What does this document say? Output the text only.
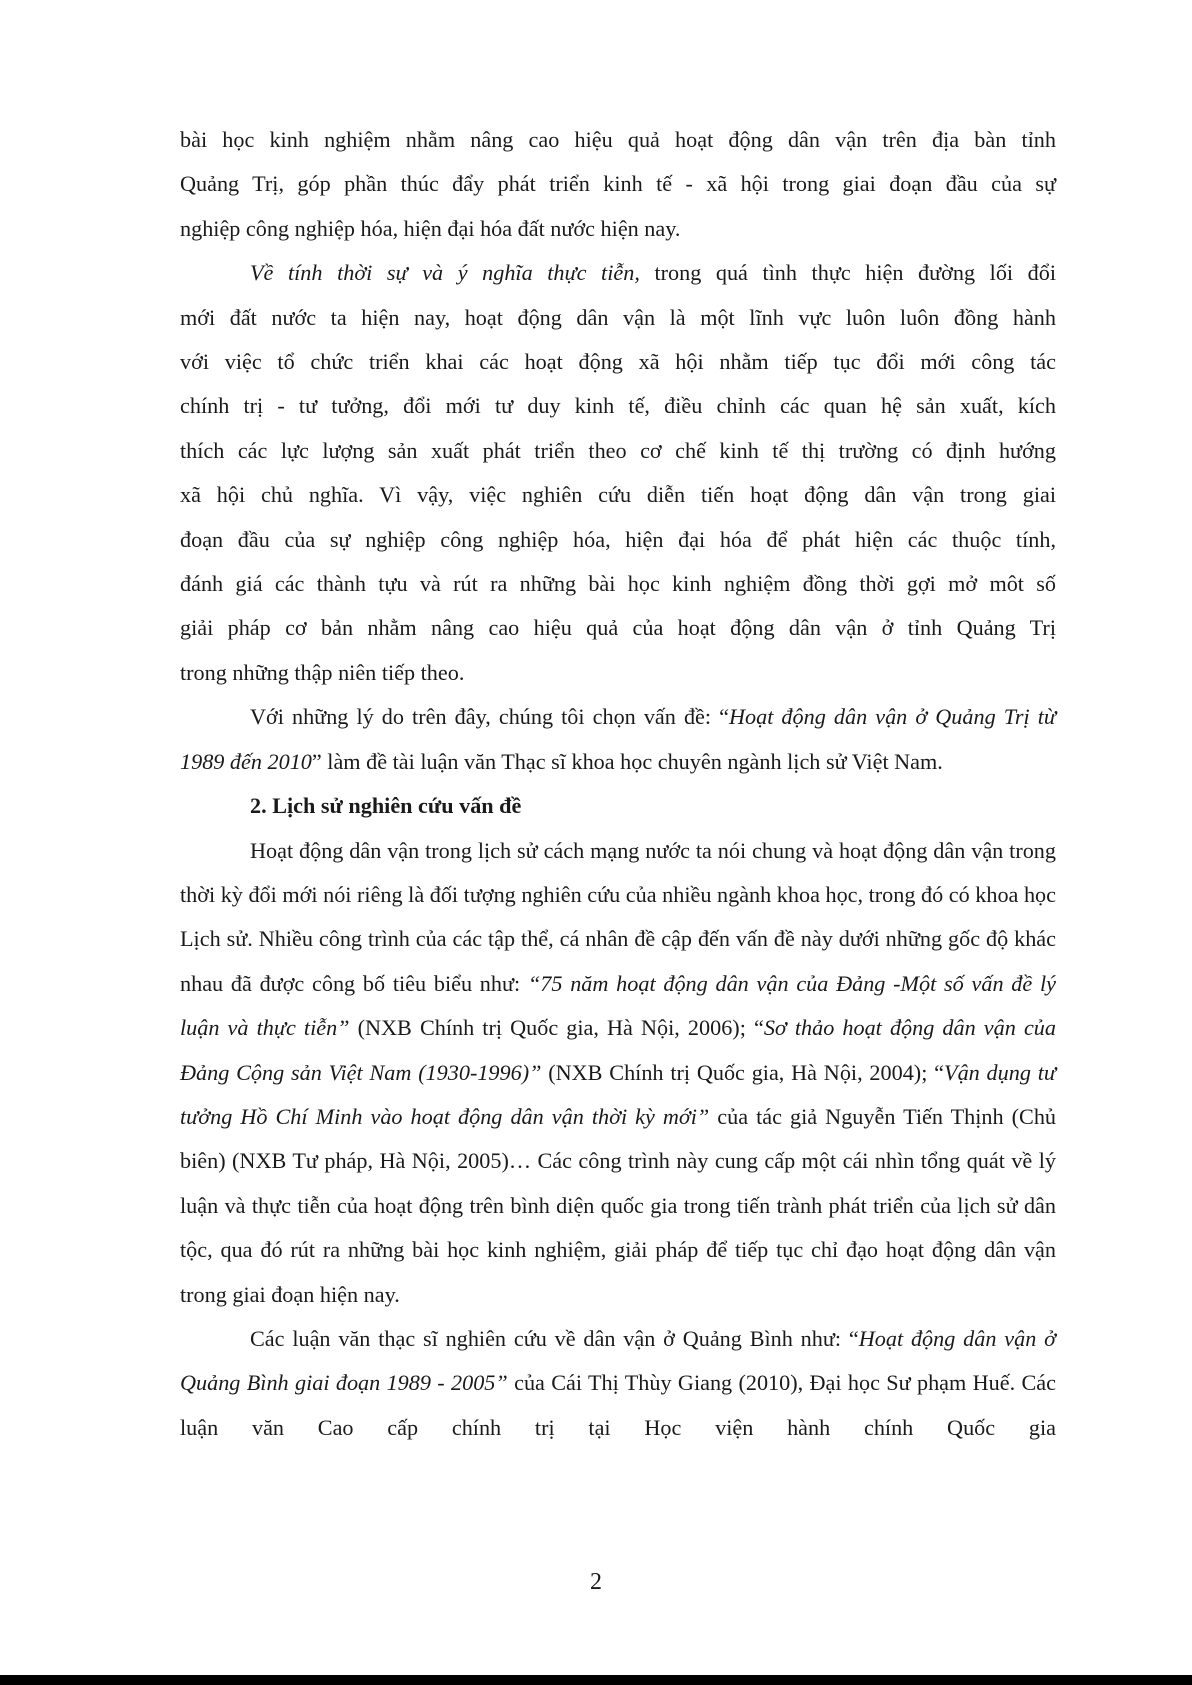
bài học kinh nghiệm nhằm nâng cao hiệu quả hoạt động dân vận trên địa bàn tỉnh

Quảng Trị, góp phần thúc đẩy phát triển kinh tế - xã hội trong giai đoạn đầu của sự

nghiệp công nghiệp hóa, hiện đại hóa đất nước hiện nay.

Về tính thời sự và ý nghĩa thực tiễn, trong quá tình thực hiện đường lối đổi

mới đất nước ta hiện nay, hoạt động dân vận là một lĩnh vực luôn luôn đồng hành

với việc tổ chức triển khai các hoạt động xã hội nhằm tiếp tục đổi mới công tác

chính trị - tư tưởng, đổi mới tư duy kinh tế, điều chỉnh các quan hệ sản xuất, kích

thích các lực lượng sản xuất phát triển theo cơ chế kinh tế thị trường có định hướng

xã hội chủ nghĩa. Vì vậy, việc nghiên cứu diễn tiến hoạt động dân vận trong giai

đoạn đầu của sự nghiệp công nghiệp hóa, hiện đại hóa để phát hiện các thuộc tính,

đánh giá các thành tựu và rút ra những bài học kinh nghiệm đồng thời gợi mở môt số

giải pháp cơ bản nhằm nâng cao hiệu quả của hoạt động dân vận ở tỉnh Quảng Trị

trong những thập niên tiếp theo.

Với những lý do trên đây, chúng tôi chọn vấn đề: “Hoạt động dân vận ở Quảng Trị từ 1989 đến 2010” làm đề tài luận văn Thạc sĩ khoa học chuyên ngành lịch sử Việt Nam.

2. Lịch sử nghiên cứu vấn đề

Hoạt động dân vận trong lịch sử cách mạng nước ta nói chung và hoạt động dân vận trong thời kỳ đổi mới nói riêng là đối tượng nghiên cứu của nhiều ngành khoa học, trong đó có khoa học Lịch sử. Nhiều công trình của các tập thể, cá nhân đề cập đến vấn đề này dưới những gốc độ khác nhau đã được công bố tiêu biểu như: “75 năm hoạt động dân vận của Đảng -Một số vấn đề lý luận và thực tiễn” (NXB Chính trị Quốc gia, Hà Nội, 2006); “Sơ thảo hoạt động dân vận của Đảng Cộng sản Việt Nam (1930-1996)” (NXB Chính trị Quốc gia, Hà Nội, 2004); “Vận dụng tư tưởng Hồ Chí Minh vào hoạt động dân vận thời kỳ mới” của tác giả Nguyễn Tiến Thịnh (Chủ biên) (NXB Tư pháp, Hà Nội, 2005)… Các công trình này cung cấp một cái nhìn tổng quát về lý luận và thực tiễn của hoạt động trên bình diện quốc gia trong tiến trành phát triển của lịch sử dân tộc, qua đó rút ra những bài học kinh nghiệm, giải pháp để tiếp tục chỉ đạo hoạt động dân vận trong giai đoạn hiện nay.

Các luận văn thạc sĩ nghiên cứu về dân vận ở Quảng Bình như: “Hoạt động dân vận ở Quảng Bình giai đoạn 1989 - 2005” của Cái Thị Thùy Giang (2010), Đại học Sư phạm Huế. Các luận văn Cao cấp chính trị tại Học viện hành chính Quốc gia

2
